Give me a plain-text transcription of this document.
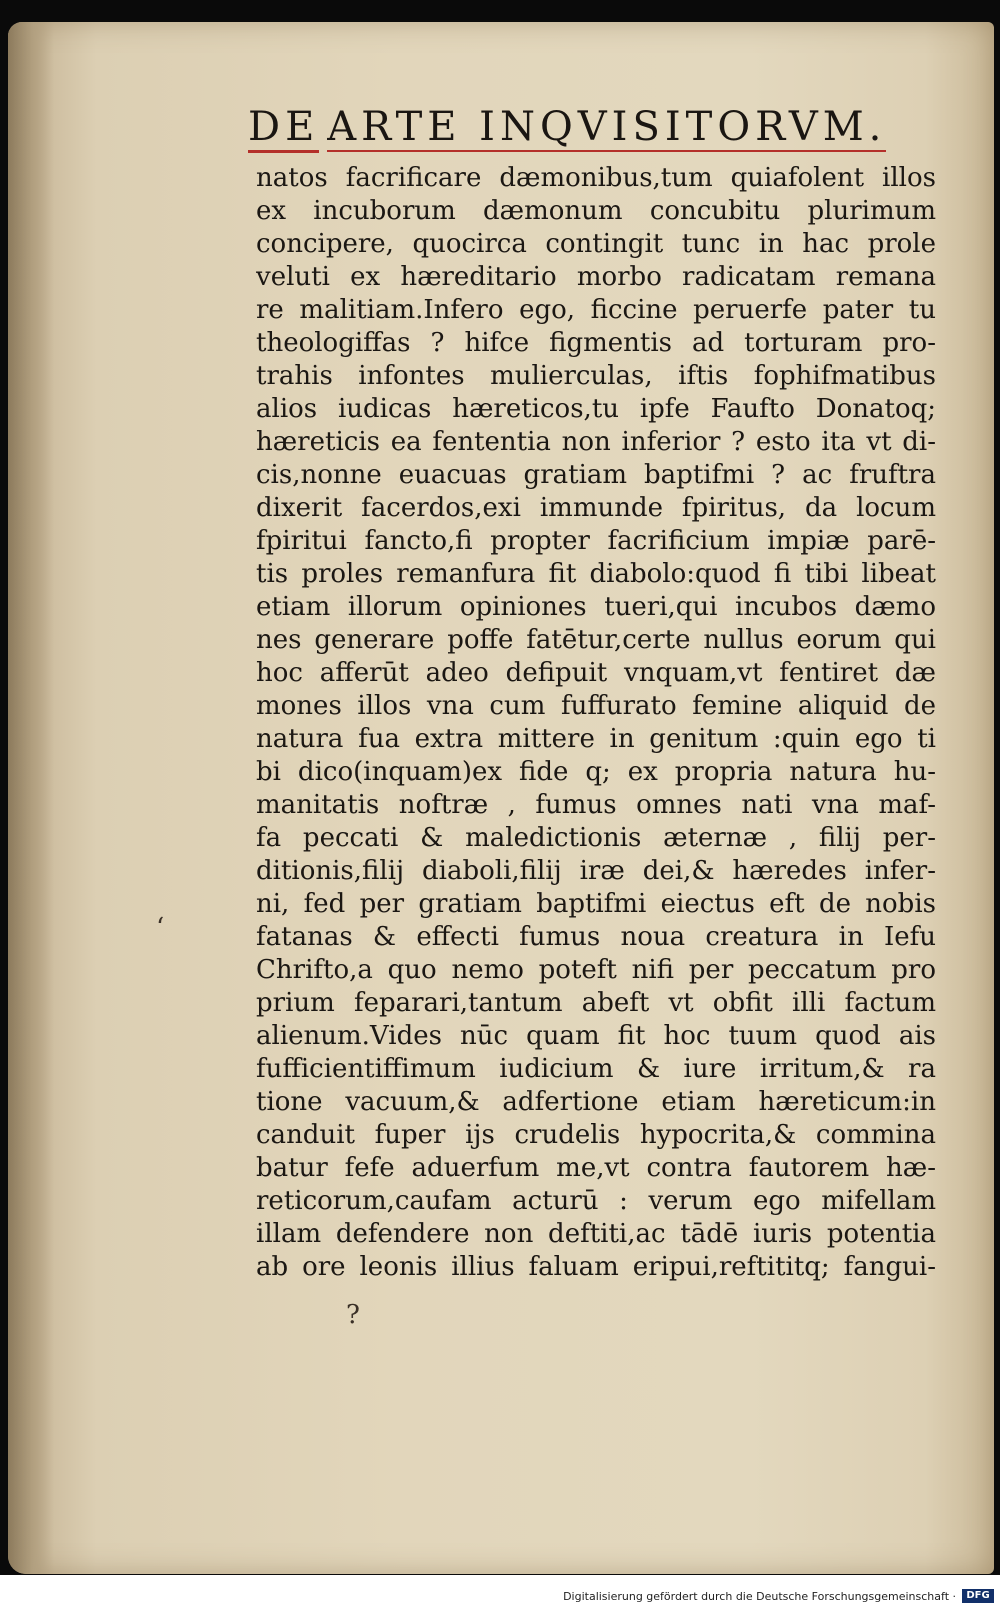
DE ARTE INQVISITORVM.
natos facrificare dæmonibus,tum quiafolent illos
ex incuborum dæmonum concubitu plurimum
concipere, quocirca contingit tunc in hac prole
veluti ex hæreditario morbo radicatam remana
re malitiam.Infero ego, ficcine peruerfe pater tu
theologiffas ? hifce figmentis ad torturam pro-
trahis infontes mulierculas, iftis fophifmatibus
alios iudicas hæreticos,tu ipfe Faufto Donatoq;
hæreticis ea fententia non inferior ? esto ita vt di-
cis,nonne euacuas gratiam baptifmi ? ac fruftra
dixerit facerdos,exi immunde fpiritus, da locum
fpiritui fancto,fi propter facrificium impiæ parē-
tis proles remanfura fit diabolo:quod fi tibi libeat
etiam illorum opiniones tueri,qui incubos dæmo
nes generare poffe fatētur,certe nullus eorum qui
hoc afferūt adeo defipuit vnquam,vt fentiret dæ
mones illos vna cum fuffurato femine aliquid de
natura fua extra mittere in genitum :quin ego ti
bi dico(inquam)ex fide q; ex propria natura hu-
manitatis noftræ , fumus omnes nati vna maf-
fa peccati & maledictionis æternæ , filij per-
ditionis,filij diaboli,filij iræ dei,& hæredes infer-
ni, fed per gratiam baptifmi eiectus eft de nobis
fatanas & effecti fumus noua creatura in Iefu
Chrifto,a quo nemo poteft nifi per peccatum pro
prium feparari,tantum abeft vt obfit illi factum
alienum.Vides nūc quam fit hoc tuum quod ais
fufficientiffimum iudicium & iure irritum,& ra
tione vacuum,& adfertione etiam hæreticum:in
canduit fuper ijs crudelis hypocrita,& commina
batur fefe aduerfum me,vt contra fautorem hæ-
reticorum,caufam acturū : verum ego mifellam
illam defendere non deftiti,ac tādē iuris potentia
ab ore leonis illius faluam eripui,reftititq; fangui-
‘
?
Digitalisierung gefördert durch die Deutsche Forschungsgemeinschaft ·	DFG
